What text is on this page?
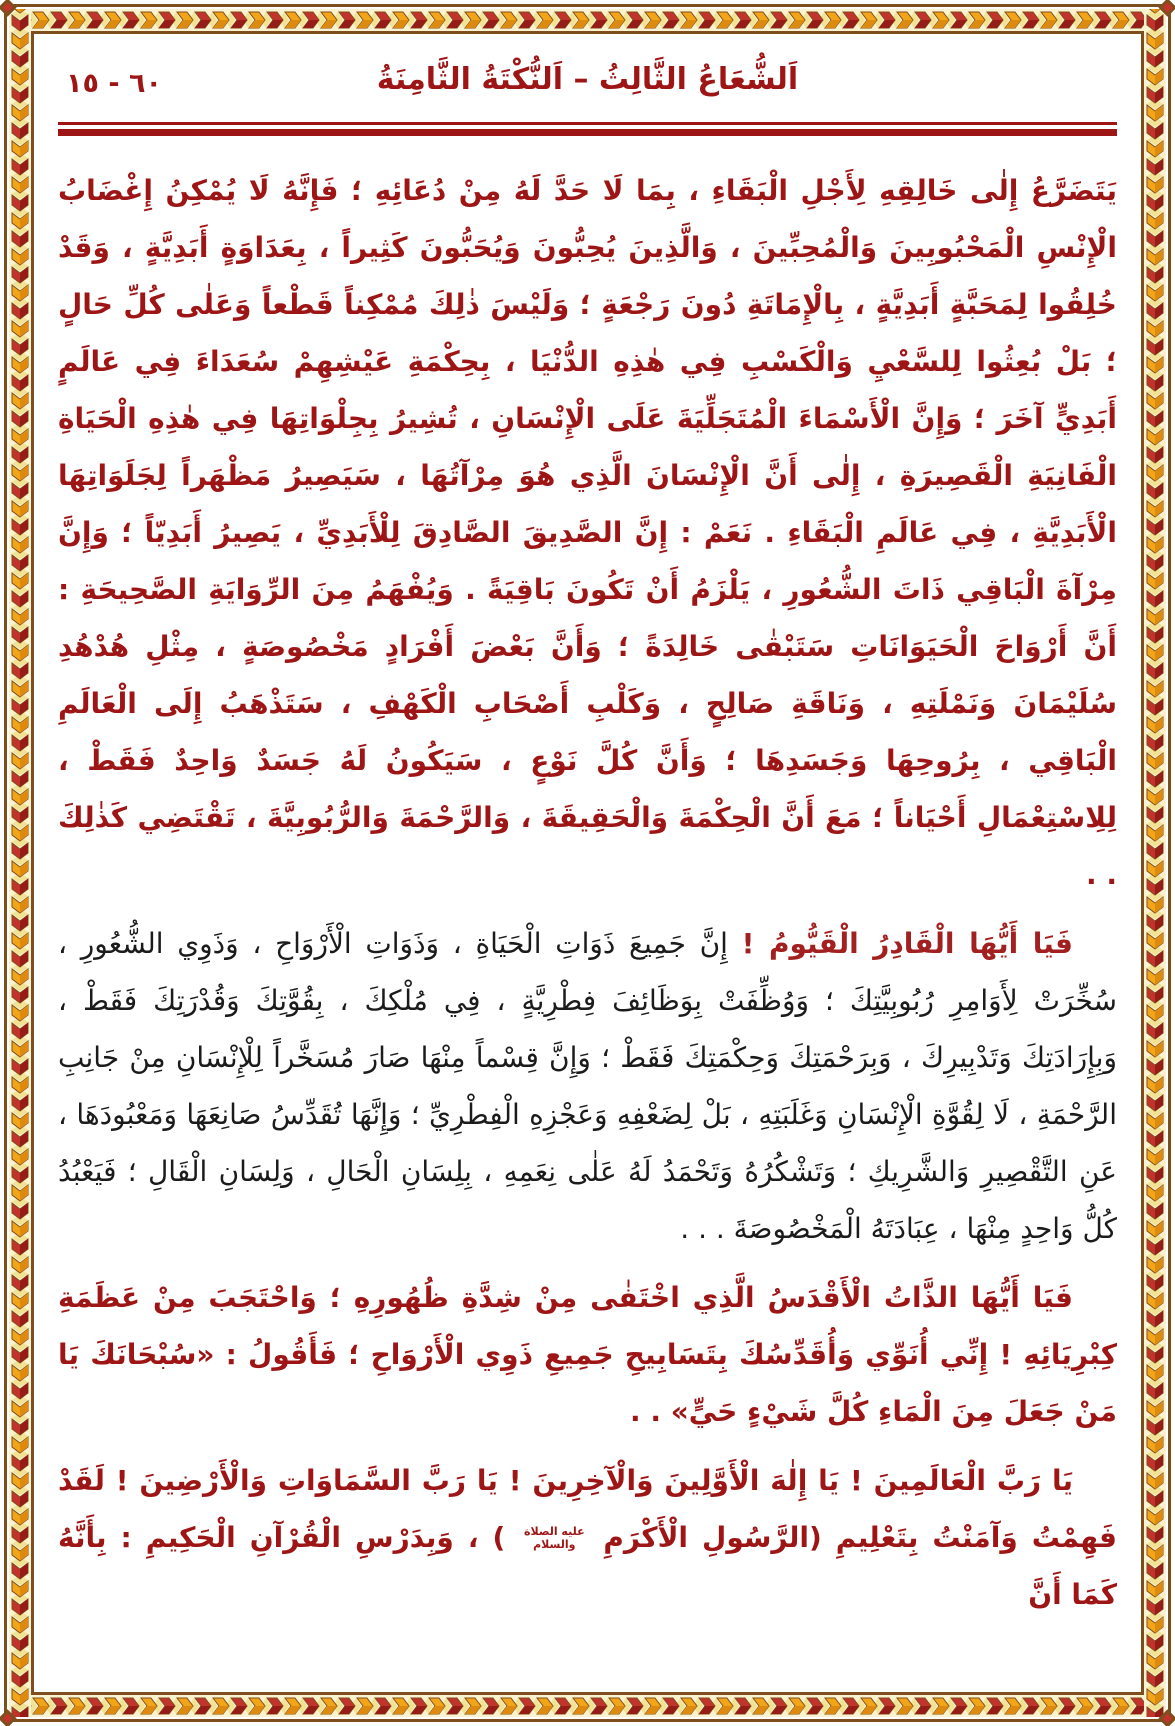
٦٠ - ١٥	اَلشُّعَاعُ الثَّالِثُ – اَلنُّكْتَةُ الثَّامِنَةُ

يَتَضَرَّعُ إِلٰى خَالِقِهِ لِأَجْلِ الْبَقَاءِ ، بِمَا لَا حَدَّ لَهُ مِنْ دُعَائِهِ ؛ فَإِنَّهُ لَا يُمْكِنُ إِغْضَابُ الْإِنْسِ الْمَحْبُوبِينَ وَالْمُحِبِّينَ ، وَالَّذِينَ يُحِبُّونَ وَيُحَبُّونَ كَثِيراً ، بِعَدَاوَةٍ أَبَدِيَّةٍ ، وَقَدْ خُلِقُوا لِمَحَبَّةٍ أَبَدِيَّةٍ ، بِالْإِمَاتَةِ دُونَ رَجْعَةٍ ؛ وَلَيْسَ ذٰلِكَ مُمْكِناً قَطْعاً وَعَلٰى كُلِّ حَالٍ ؛ بَلْ بُعِثُوا لِلسَّعْيِ وَالْكَسْبِ فِي هٰذِهِ الدُّنْيَا ، بِحِكْمَةِ عَيْشِهِمْ سُعَدَاءَ فِي عَالَمٍ أَبَدِيٍّ آخَرَ ؛ وَإِنَّ الْأَسْمَاءَ الْمُتَجَلِّيَةَ عَلَى الْإِنْسَانِ ، تُشِيرُ بِجِلْوَاتِهَا فِي هٰذِهِ الْحَيَاةِ الْفَانِيَةِ الْقَصِيرَةِ ، إِلٰى أَنَّ الْإِنْسَانَ الَّذِي هُوَ مِرْآتُهَا ، سَيَصِيرُ مَظْهَراً لِجَلَوَاتِهَا الْأَبَدِيَّةِ ، فِي عَالَمِ الْبَقَاءِ . نَعَمْ : إِنَّ الصَّدِيقَ الصَّادِقَ لِلْأَبَدِيِّ ، يَصِيرُ أَبَدِيّاً ؛ وَإِنَّ مِرْآةَ الْبَاقِي ذَاتَ الشُّعُورِ ، يَلْزَمُ أَنْ تَكُونَ بَاقِيَةً . وَيُفْهَمُ مِنَ الرِّوَايَةِ الصَّحِيحَةِ : أَنَّ أَرْوَاحَ الْحَيَوَانَاتِ سَتَبْقٰى خَالِدَةً ؛ وَأَنَّ بَعْضَ أَفْرَادٍ مَخْصُوصَةٍ ، مِثْلِ هُدْهُدِ سُلَيْمَانَ وَنَمْلَتِهِ ، وَنَاقَةِ صَالِحٍ ، وَكَلْبِ أَصْحَابِ الْكَهْفِ ، سَتَذْهَبُ إِلَى الْعَالَمِ الْبَاقِي ، بِرُوحِهَا وَجَسَدِهَا ؛ وَأَنَّ كُلَّ نَوْعٍ ، سَيَكُونُ لَهُ جَسَدٌ وَاحِدٌ فَقَطْ ، لِلِاسْتِعْمَالِ أَحْيَاناً ؛ مَعَ أَنَّ الْحِكْمَةَ وَالْحَقِيقَةَ ، وَالرَّحْمَةَ وَالرُّبُوبِيَّةَ ، تَقْتَضِي كَذٰلِكَ . .

فَيَا أَيُّهَا الْقَادِرُ الْقَيُّومُ ! إِنَّ جَمِيعَ ذَوَاتِ الْحَيَاةِ ، وَذَوَاتِ الْأَرْوَاحِ ، وَذَوِي الشُّعُورِ ، سُخِّرَتْ لِأَوَامِرِ رُبُوبِيَّتِكَ ؛ وَوُظِّفَتْ بِوَظَائِفَ فِطْرِيَّةٍ ، فِي مُلْكِكَ ، بِقُوَّتِكَ وَقُدْرَتِكَ فَقَطْ ، وَبِإِرَادَتِكَ وَتَدْبِيرِكَ ، وَبِرَحْمَتِكَ وَحِكْمَتِكَ فَقَطْ ؛ وَإِنَّ قِسْماً مِنْهَا صَارَ مُسَخَّراً لِلْإِنْسَانِ مِنْ جَانِبِ الرَّحْمَةِ ، لَا لِقُوَّةِ الْإِنْسَانِ وَغَلَبَتِهِ ، بَلْ لِضَعْفِهِ وَعَجْزِهِ الْفِطْرِيِّ ؛ وَإِنَّهَا تُقَدِّسُ صَانِعَهَا وَمَعْبُودَهَا ، عَنِ التَّقْصِيرِ وَالشَّرِيكِ ؛ وَتَشْكُرُهُ وَتَحْمَدُ لَهُ عَلٰى نِعَمِهِ ، بِلِسَانِ الْحَالِ ، وَلِسَانِ الْقَالِ ؛ فَيَعْبُدُ كُلُّ وَاحِدٍ مِنْهَا ، عِبَادَتَهُ الْمَخْصُوصَةَ . . .

فَيَا أَيُّهَا الذَّاتُ الْأَقْدَسُ الَّذِي اخْتَفٰى مِنْ شِدَّةِ ظُهُورِهِ ؛ وَاحْتَجَبَ مِنْ عَظَمَةِ كِبْرِيَائِهِ ! إِنِّي أُنَوِّي وَأُقَدِّسُكَ بِتَسَابِيحِ جَمِيعِ ذَوِي الْأَرْوَاحِ ؛ فَأَقُولُ : «سُبْحَانَكَ يَا مَنْ جَعَلَ مِنَ الْمَاءِ كُلَّ شَيْءٍ حَيٍّ» . .

يَا رَبَّ الْعَالَمِينَ ! يَا إِلٰهَ الْأَوَّلِينَ وَالْآخِرِينَ ! يَا رَبَّ السَّمَاوَاتِ وَالْأَرْضِينَ ! لَقَدْ فَهِمْتُ وَآمَنْتُ بِتَعْلِيمِ (الرَّسُولِ الْأَكْرَمِ عليه الصلاة والسلام ) ، وَبِدَرْسِ الْقُرْآنِ الْحَكِيمِ : بِأَنَّهُ كَمَا أَنَّ
